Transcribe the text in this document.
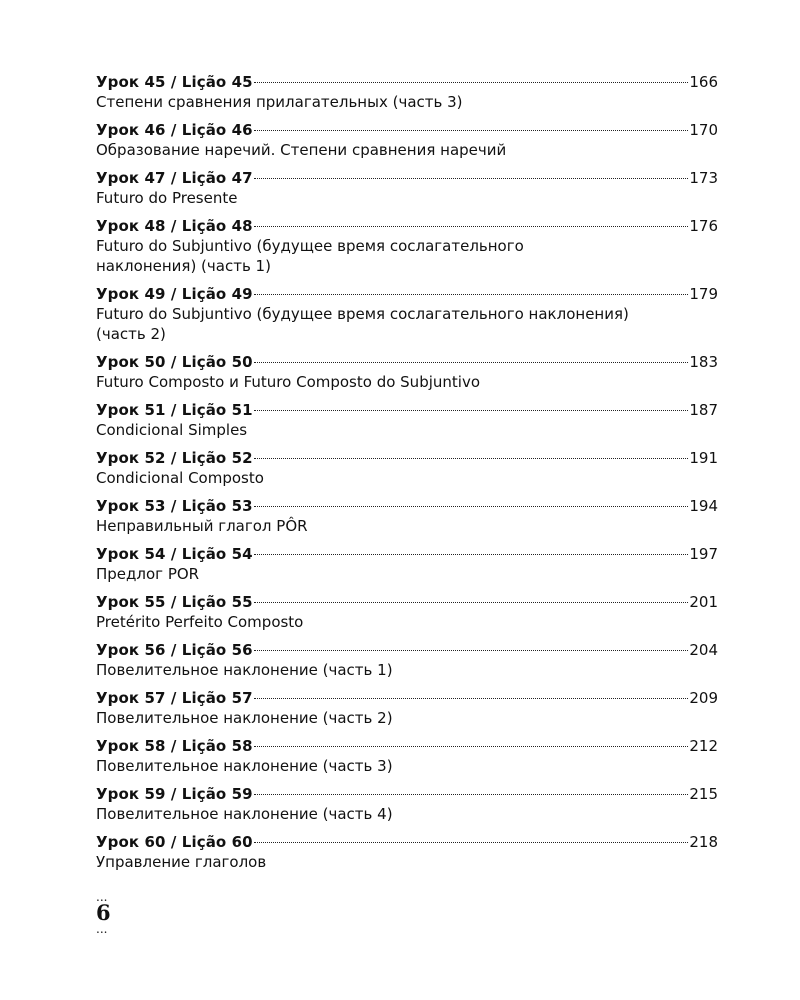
Урок 45 / Lição 45	166
Степени сравнения прилагательных (часть 3)
Урок 46 / Lição 46	170
Образование наречий. Степени сравнения наречий
Урок 47 / Lição 47	173
Futuro do Presente
Урок 48 / Lição 48	176
Futuro do Subjuntivo (будущее время сослагательного
наклонения) (часть 1)
Урок 49 / Lição 49	179
Futuro do Subjuntivo (будущее время сослагательного наклонения)
(часть 2)
Урок 50 / Lição 50	183
Futuro Composto и Futuro Composto do Subjuntivo
Урок 51 / Lição 51	187
Condicional Simples
Урок 52 / Lição 52	191
Condicional Composto
Урок 53 / Lição 53	194
Неправильный глагол PÔR
Урок 54 / Lição 54	197
Предлог POR
Урок 55 / Lição 55	201
Pretérito Perfeito Composto
Урок 56 / Lição 56	204
Повелительное наклонение (часть 1)
Урок 57 / Lição 57	209
Повелительное наклонение (часть 2)
Урок 58 / Lição 58	212
Повелительное наклонение (часть 3)
Урок 59 / Lição 59	215
Повелительное наклонение (часть 4)
Урок 60 / Lição 60	218
Управление глаголов
...
6
...
